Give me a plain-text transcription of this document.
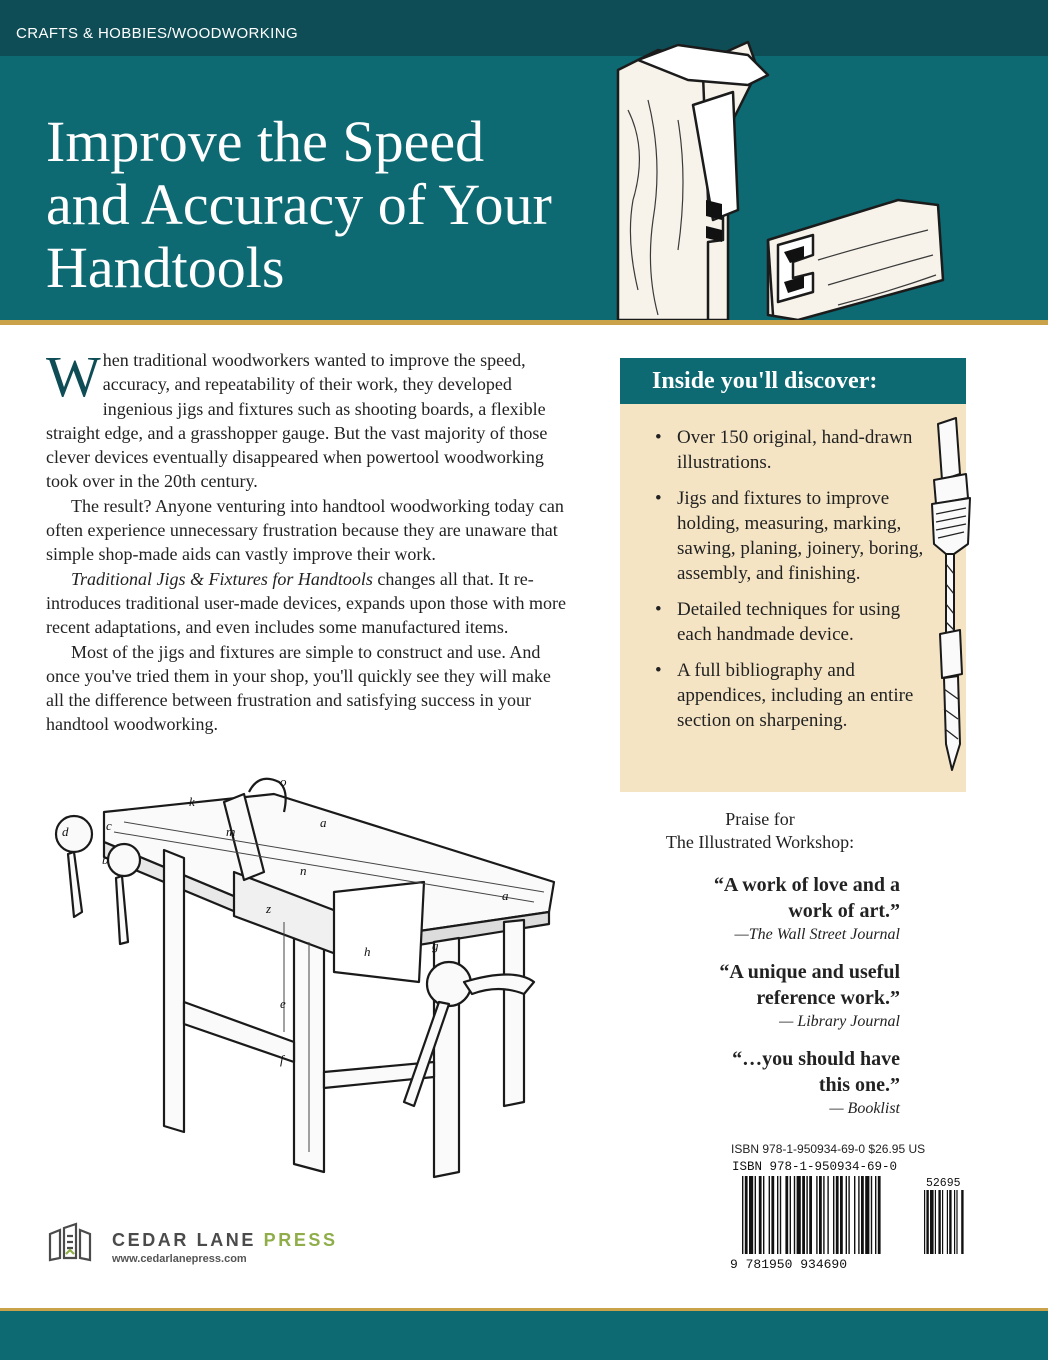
CRAFTS & HOBBIES/WOODWORKING
Improve the Speed
and Accuracy of Your
Handtools

When traditional woodworkers wanted to improve the speed, accuracy, and repeatability of their work, they developed ingenious jigs and fixtures such as shooting boards, a flexible straight edge, and a grasshopper gauge. But the vast majority of those clever devices eventually disappeared when powertool woodworking took over in the 20th century.

The result? Anyone venturing into handtool woodworking today can often experience unnecessary frustration because they are unaware that simple shop-made aids can vastly improve their work.

Traditional Jigs & Fixtures for Handtools changes all that. It re-introduces traditional user-made devices, expands upon those with more recent adaptations, and even includes some manufactured items.

Most of the jigs and fixtures are simple to construct and use. And once you've tried them in your shop, you'll quickly see they will make all the difference between frustration and satisfying success in your handtool woodworking.

o
k
m
a
d	c
b
n
a
z
h	g
e
f
Inside you'll discover:
• Over 150 original, hand-drawn illustrations.
• Jigs and fixtures to improve holding, measuring, marking, sawing, planing, joinery, boring, assembly, and finishing.
• Detailed techniques for using each handmade device.
• A full bibliography and appendices, including an entire section on sharpening.
Praise for
The Illustrated Workshop:
“A work of love and a work of art.”
—The Wall Street Journal
“A unique and useful reference work.”
— Library Journal
“…you should have this one.”
— Booklist
ISBN 978-1-950934-69-0 $26.95 US
ISBN 978-1-950934-69-0
52695
9 781950 934690
CEDAR LANE PRESS
www.cedarlanepress.com
